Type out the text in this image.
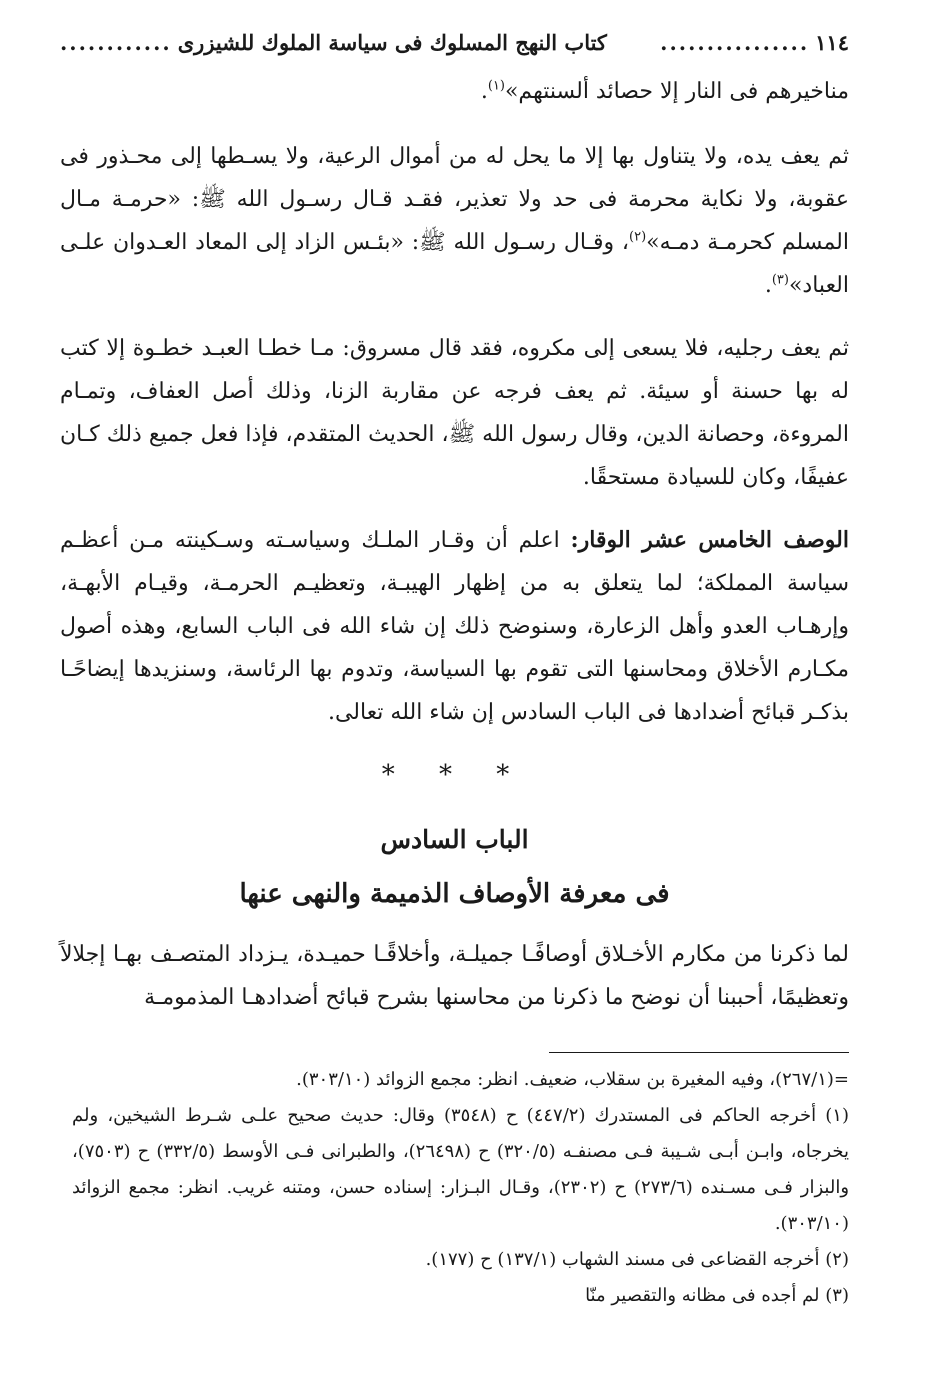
١١٤
................
كتاب النهج المسلوك فى سياسة الملوك للشيزرى
............

مناخيرهم فى النار إلا حصائد ألسنتهم»$^{(١)}$.

ثم يعف يده، ولا يتناول بها إلا ما يحل له من أموال الرعية، ولا يسـطها إلى محـذور فى عقوبة، ولا نكاية محرمة فى حد ولا تعذير، فقـد قـال رسـول الله ﷺ: «حرمـة مـال المسلم كحرمـة دمـه»$^{(٢)}$، وقـال رسـول الله ﷺ: «بئـس الزاد إلى المعاد العـدوان علـى العباد»$^{(٣)}$.

ثم يعف رجليه، فلا يسعى إلى مكروه، فقد قال مسروق: مـا خطـا العبـد خطـوة إلا كتب له بها حسنة أو سيئة. ثم يعف فرجه عن مقاربة الزنا، وذلك أصل العفاف، وتمـام المروءة، وحصانة الدين، وقال رسول الله ﷺ، الحديث المتقدم، فإذا فعل جميع ذلك كـان عفيفًا، وكان للسيادة مستحقًا.

الوصف الخامس عشر الوقار: اعلم أن وقـار الملـك وسياسـته وسـكينته مـن أعظـم سياسة المملكة؛ لما يتعلق به من إظهار الهيبـة، وتعظيـم الحرمـة، وقيـام الأبهـة، وإرهـاب العدو وأهل الزعارة، وسنوضح ذلك إن شاء الله فى الباب السابع، وهذه أصول مكـارم الأخلاق ومحاسنها التى تقوم بها السياسة، وتدوم بها الرئاسة، وسنزيدها إيضاحًـا بذكـر قبائح أضدادها فى الباب السادس إن شاء الله تعالى.

* * *
الباب السادس
فى معرفة الأوصاف الذميمة والنهى عنها

لما ذكرنا من مكارم الأخـلاق أوصافًـا جميلـة، وأخلاقًـا حميـدة، يـزداد المتصـف بهـا إجلالاً وتعظيمًا، أحببنا أن نوضح ما ذكرنا من محاسنها بشرح قبائح أضدادهـا المذمومـة

=(٢٦٧/١)، وفيه المغيرة بن سقلاب، ضعيف. انظر: مجمع الزوائد (٣٠٣/١٠).

(١) أخرجه الحاكم فى المستدرك (٤٤٧/٢) ح (٣٥٤٨) وقال: حديث صحيح علـى شـرط الشيخين، ولم يخرجاه، وابـن أبـى شـيبة فـى مصنفـه (٣٢٠/٥) ح (٢٦٤٩٨)، والطبرانى فـى الأوسط (٣٣٢/٥) ح (٧٥٠٣)، والبزار فـى مسـنده (٢٧٣/٦) ح (٢٣٠٢)، وقـال البـزار: إسناده حسن، ومتنه غريب. انظر: مجمع الزوائد (٣٠٣/١٠).

(٢) أخرجه القضاعى فى مسند الشهاب (١٣٧/١) ح (١٧٧).

(٣) لم أجده فى مظانه والتقصير منّا
